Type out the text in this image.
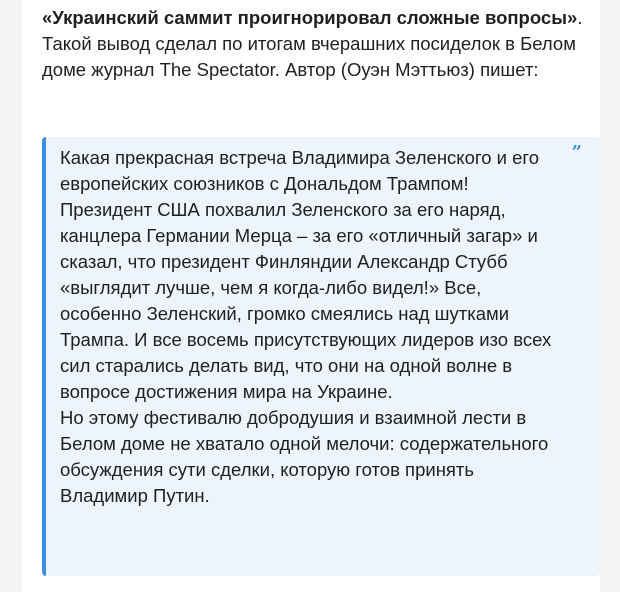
«Украинский саммит проигнорировал сложные вопросы». Такой вывод сделал по итогам вчерашних посиделок в Белом доме журнал The Spectator. Автор (Оуэн Мэттьюз) пишет:

”

Какая прекрасная встреча Владимира Зеленского и его европейских союзников с Дональдом Трампом! Президент США похвалил Зеленского за его наряд, канцлера Германии Мерца – за его «отличный загар» и сказал, что президент Финляндии Александр Стубб «выглядит лучше, чем я когда-либо видел!» Все, особенно Зеленский, громко смеялись над шутками Трампа. И все восемь присутствующих лидеров изо всех сил старались делать вид, что они на одной волне в вопросе достижения мира на Украине.

Но этому фестивалю добродушия и взаимной лести в Белом доме не хватало одной мелочи: содержательного обсуждения сути сделки, которую готов принять Владимир Путин.
